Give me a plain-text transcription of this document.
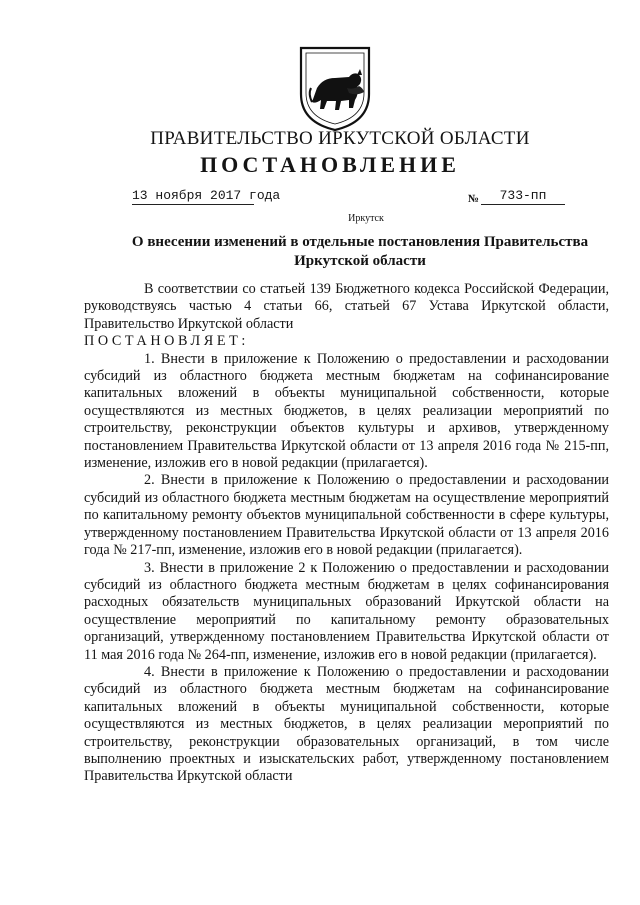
ПРАВИТЕЛЬСТВО ИРКУТСКОЙ ОБЛАСТИ
ПОСТАНОВЛЕНИЕ
13 ноября 2017 года	№	733-пп
Иркутск
О внесении изменений в отдельные постановления Правительства Иркутской области

В соответствии со статьей 139 Бюджетного кодекса Российской Федерации, руководствуясь частью 4 статьи 66, статьей 67 Устава Иркутской области, Правительство Иркутской области

ПОСТАНОВЛЯЕТ:

1. Внести в приложение к Положению о предоставлении и расходовании субсидий из областного бюджета местным бюджетам на софинансирование капитальных вложений в объекты муниципальной собственности, которые осуществляются из местных бюджетов, в целях реализации мероприятий по строительству, реконструкции объектов культуры и архивов, утвержденному постановлением Правительства Иркутской области от 13 апреля 2016 года № 215-пп, изменение, изложив его в новой редакции (прилагается).

2. Внести в приложение к Положению о предоставлении и расходовании субсидий из областного бюджета местным бюджетам на осуществление мероприятий по капитальному ремонту объектов муниципальной собственности в сфере культуры, утвержденному постановлением Правительства Иркутской области от 13 апреля 2016 года № 217-пп, изменение, изложив его в новой редакции (прилагается).

3. Внести в приложение 2 к Положению о предоставлении и расходовании субсидий из областного бюджета местным бюджетам в целях софинансирования расходных обязательств муниципальных образований Иркутской области на осуществление мероприятий по капитальному ремонту образовательных организаций, утвержденному постановлением Правительства Иркутской области от 11 мая 2016 года № 264-пп, изменение, изложив его в новой редакции (прилагается).

4. Внести в приложение к Положению о предоставлении и расходовании субсидий из областного бюджета местным бюджетам на софинансирование капитальных вложений в объекты муниципальной собственности, которые осуществляются из местных бюджетов, в целях реализации мероприятий по строительству, реконструкции образовательных организаций, в том числе выполнению проектных и изыскательских работ, утвержденному постановлением Правительства Иркутской области
